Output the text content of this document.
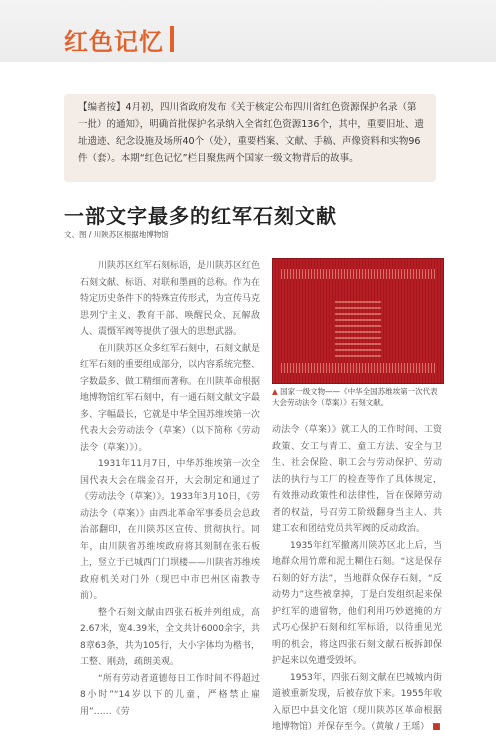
红色记忆

【编者按】4月初，四川省政府发布《关于核定公布四川省红色资源保护名录（第一批）的通知》，明确首批保护名录纳入全省红色资源136个，其中，重要旧址、遗址遗迹、纪念设施及场所40个（处），重要档案、文献、手稿、声像资料和实物96件（套）。本期“红色记忆”栏目聚焦两个国家一级文物背后的故事。

一部文字最多的红军石刻文献
文、图 / 川陕苏区根据地博物馆

川陕苏区红军石刻标语，是川陕苏区红色石刻文献、标语、对联和墨画的总称。作为在特定历史条件下的特殊宣传形式，为宣传马克思列宁主义、教育干部、唤醒民众、瓦解敌人、震慑军阀等提供了强大的思想武器。

在川陕苏区众多红军石刻中，石刻文献是红军石刻的重要组成部分，以内容系统完整、字数最多、做工精细而著称。在川陕革命根据地博物馆红军石刻中，有一通石刻文献文字最多、字幅最长，它就是中华全国苏维埃第一次代表大会劳动法令（草案）（以下简称《劳动法令（草案）》）。

1931年11月7日，中华苏维埃第一次全国代表大会在瑞金召开，大会制定和通过了《劳动法令（草案）》。1933年3月10日，《劳动法令（草案）》由西北革命军事委员会总政治部翻印，在川陕苏区宣传、贯彻执行。同年，由川陕省苏维埃政府将其刻制在张石板上，竖立于已城西门门坝楼——川陕省苏维埃政府机关对门外（现巴中市巴州区南教寺前）。

整个石刻文献由四张石板并列组成，高2.67米，宽4.39米，全文共计6000余字，共8章63条，共为105行，大小字体均为楷书，工整、刚劲，疏朗美观。

“所有劳动者道德每日工作时间不得超过8小时”“14岁以下的儿童，严格禁止雇用”……《劳

▲ 国家一级文物——《中华全国苏维埃第一次代表大会劳动法令（草案）》石刻文献。

动法令（草案）》就工人的工作时间、工资政策、女工与青工、童工方法、安全与卫生、社会保险、职工会与劳动保护、劳动法的执行与工厂的检查等作了具体规定，有效推动政策性和法律性，旨在保障劳动者的权益，号召劳工阶级翻身当主人、共建工农和团结党员共军阀的反动政治。

1935年红军撤离川陕苏区北上后，当地群众用竹蓆和泥土糊住石刻。“这是保存石刻的好方法”，当地群众保存石刻，“反动势力”这些被拿掉，丁是白发组织起来保护红军的遗留物，他们利用巧妙遮掩的方式巧心保护石刻和红军标语，以待重见光明的机会，将这四张石刻文献石板拆卸保护起来以免遭受毁坏。

1953年，四张石刻文献在巴城城内街道被重新发现，后被存放下来。1955年收入原巴中县文化馆（现川陕苏区革命根据地博物馆）并保存至今。（黄敏 / 王瑶） ■
